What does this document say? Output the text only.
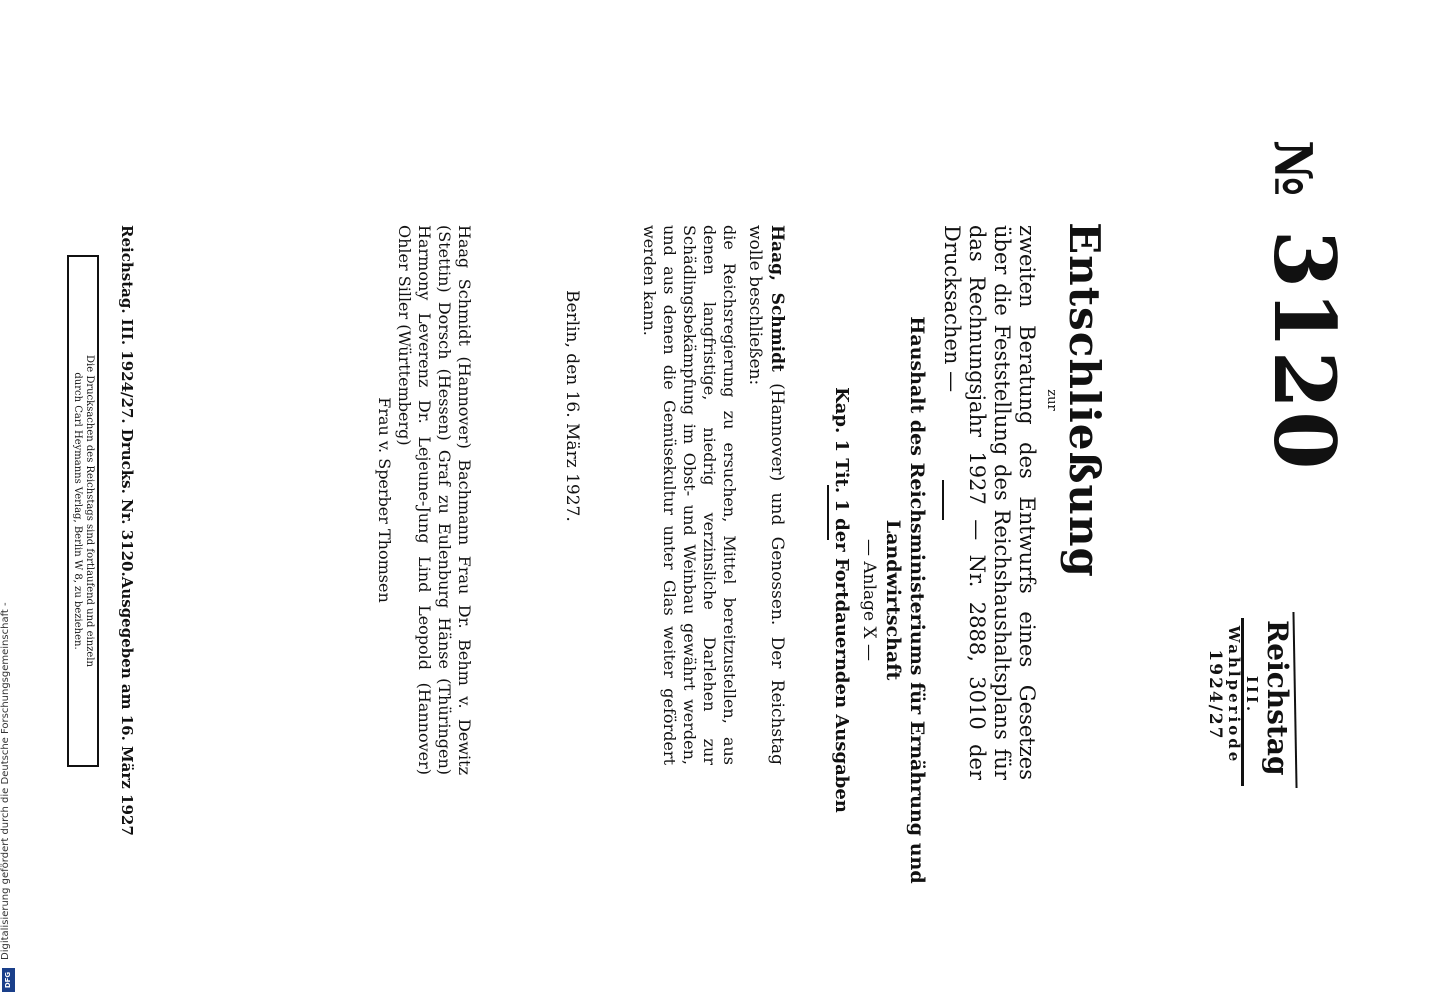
№ 3120
Reichstag
III. Wahlperiode
1924/27
Entschließung
zur
zweiten Beratung des Entwurfs eines Gesetzes über die Feststellung des Reichshaushaltsplans für das Rechnungsjahr 1927 — Nr. 2888, 3010 der Drucksachen —
Haushalt des Reichsministeriums für Ernährung und Landwirtschaft
— Anlage X —
Kap. 1 Tit. 1 der Fortdauernden Ausgaben
Haag, Schmidt (Hannover) und Genossen. Der Reichstag wolle beschließen:
die Reichsregierung zu ersuchen, Mittel bereitzustellen, aus denen langfristige, niedrig verzinsliche Darlehen zur Schädlingsbekämpfung im Obst- und Weinbau gewährt werden, und aus denen die Gemüsekultur unter Glas weiter gefördert werden kann.
Berlin, den 16. März 1927.
Haag Schmidt (Hannover) Bachmann Frau Dr. Behm v. Dewitz (Stettin) Dorsch (Hessen) Graf zu Eulenburg Hänse (Thüringen) Harmony Leverenz Dr. Lejeune-Jung Lind Leopold (Hannover) Ohler Siller (Württemberg)
Frau v. Sperber Thomsen
Reichstag. III. 1924/27. Drucks. Nr. 3120.
Ausgegeben am 16. März 1927
Die Drucksachen des Reichstags sind fortlaufend und einzeln
durch Carl Heymanns Verlag, Berlin W 8, zu beziehen.
Digitalisierung gefördert durch die Deutsche Forschungsgemeinschaft -
DFG
